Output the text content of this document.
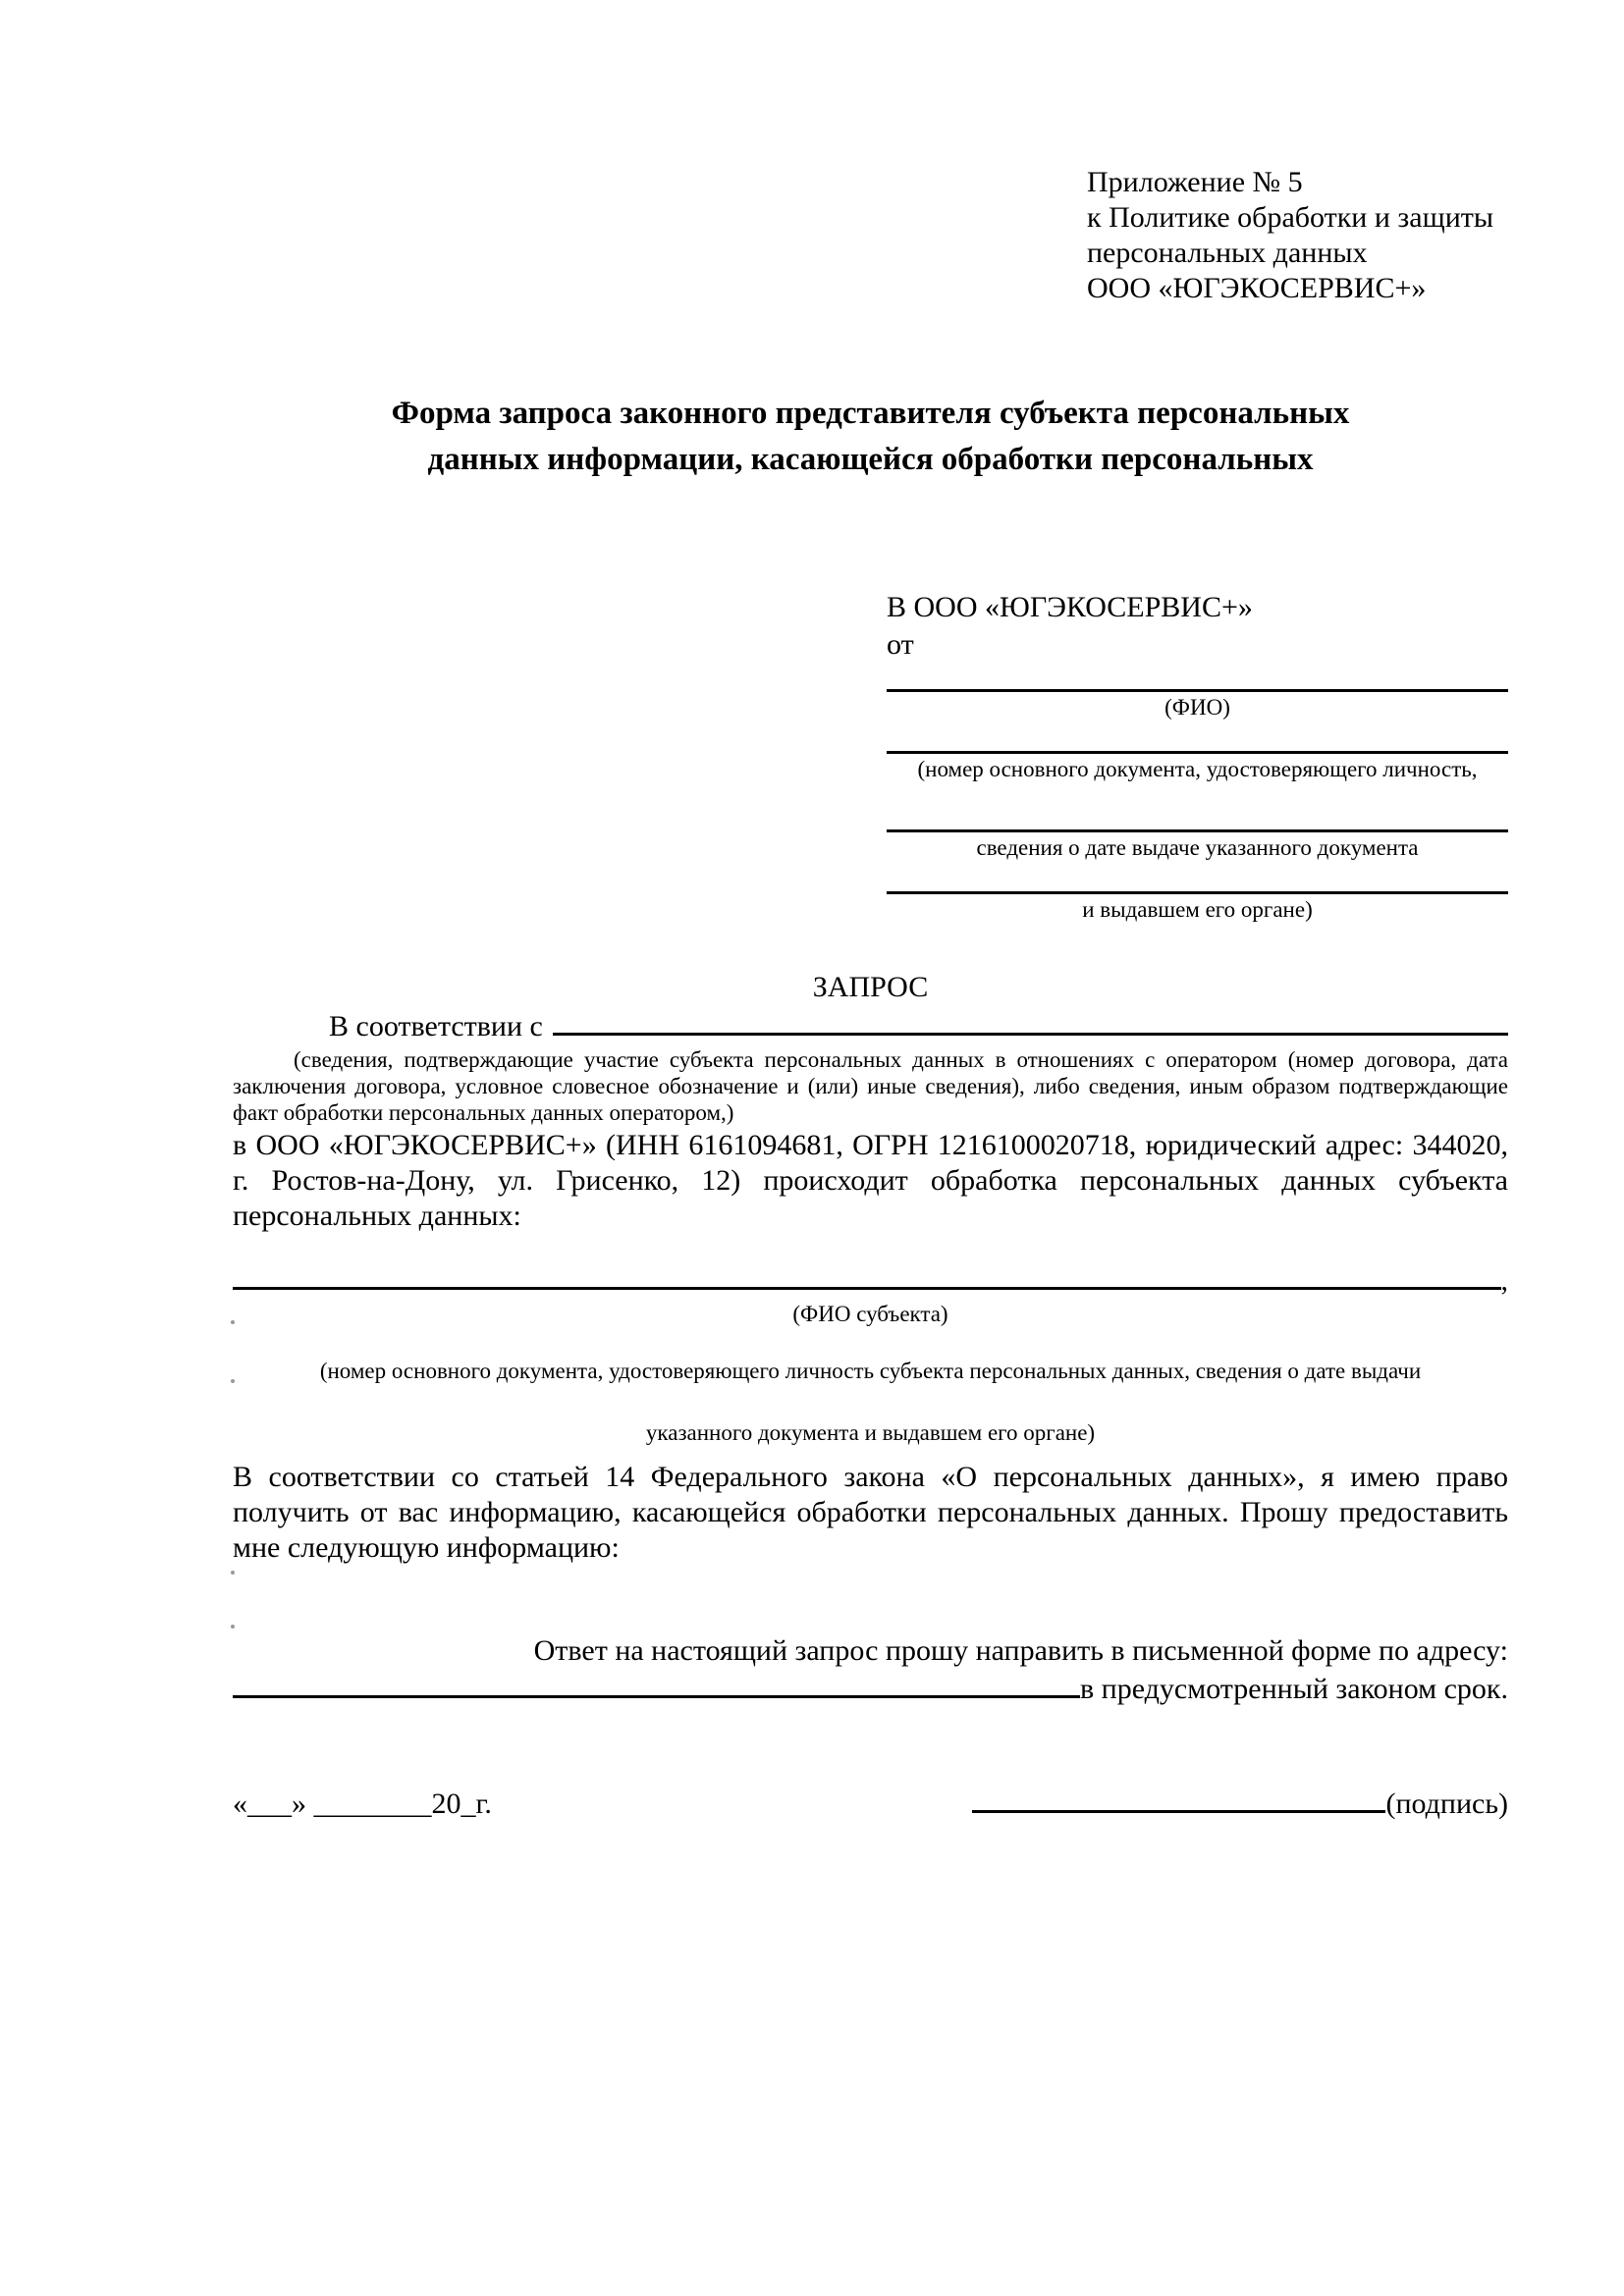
Приложение № 5
к Политике обработки и защиты
персональных данных
ООО «ЮГЭКОСЕРВИС+»
Форма запроса законного представителя субъекта персональных
данных информации, касающейся обработки персональных
В ООО «ЮГЭКОСЕРВИС+»
от
(ФИО)
(номер основного документа, удостоверяющего личность,
сведения о дате выдаче указанного документа
и выдавшем его органе)
ЗАПРОС
В соответствии с
(сведения, подтверждающие участие субъекта персональных данных в отношениях с оператором (номер договора, дата заключения договора, условное словесное обозначение и (или) иные сведения), либо сведения, иным образом подтверждающие факт обработки персональных данных оператором,)
в ООО «ЮГЭКОСЕРВИС+» (ИНН 6161094681, ОГРН 1216100020718, юридический адрес: 344020, г. Ростов-на-Дону, ул. Грисенко, 12) происходит обработка персональных данных субъекта персональных данных:
,
(ФИО субъекта)
(номер основного документа, удостоверяющего личность субъекта персональных данных, сведения о дате выдачи
указанного документа и выдавшем его органе)
В соответствии со статьей 14 Федерального закона «О персональных данных», я имею право получить от вас информацию, касающейся обработки персональных данных. Прошу предоставить мне следующую информацию:
Ответ на настоящий запрос прошу направить в письменной форме по адресу:
в предусмотренный законом срок.
«___» ________20_г.	(подпись)
